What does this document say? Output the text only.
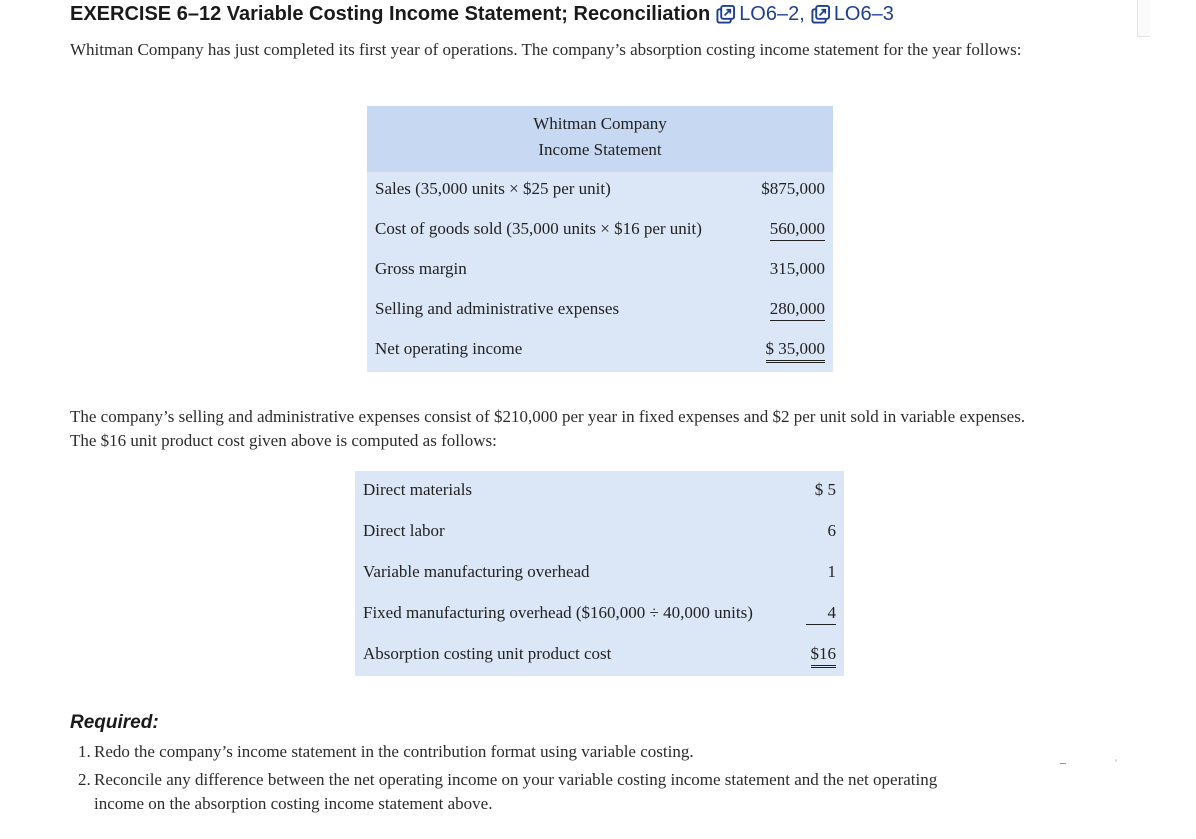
EXERCISE 6–12 Variable Costing Income Statement; Reconciliation LO6–2 , LO6–3
Whitman Company has just completed its first year of operations. The company’s absorption costing income statement for the year follows:
Whitman Company
Income Statement
Sales (35,000 units × $25 per unit)	$875,000
Cost of goods sold (35,000 units × $16 per unit)	560,000
Gross margin	315,000
Selling and administrative expenses	280,000
Net operating income	$ 35,000
The company’s selling and administrative expenses consist of $210,000 per year in fixed expenses and $2 per unit sold in variable expenses.
The $16 unit product cost given above is computed as follows:
Direct materials	$ 5
Direct labor	6
Variable manufacturing overhead	1
Fixed manufacturing overhead ($160,000 ÷ 40,000 units)	4
Absorption costing unit product cost	$16
Required:
1. Redo the company’s income statement in the contribution format using variable costing.
2. Reconcile any difference between the net operating income on your variable costing income statement and the net operating
income on the absorption costing income statement above.
˒
